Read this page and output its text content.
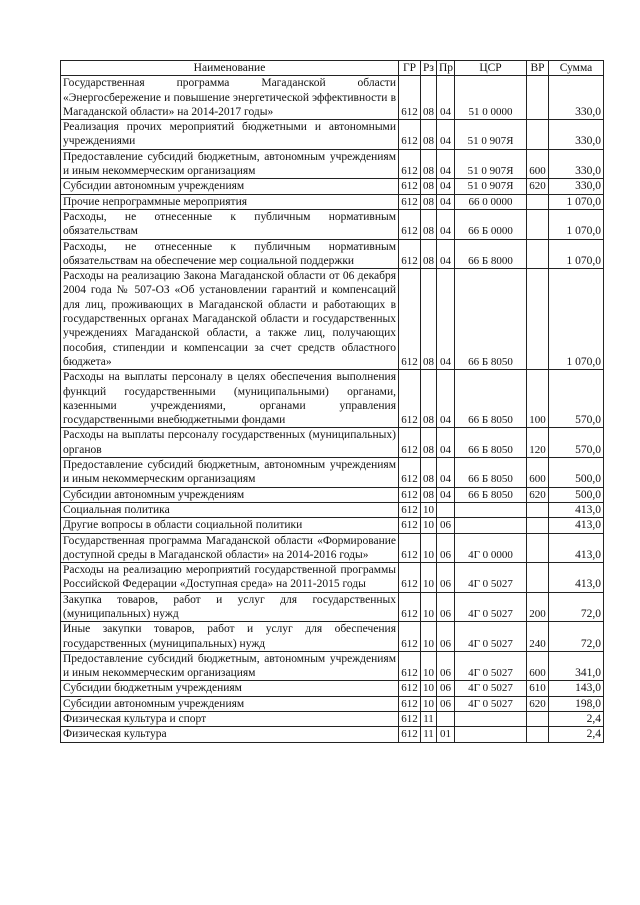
Наименование	ГР	Рз	Пр	ЦСР	ВР	Сумма
Государственная программа Магаданской области «Энергосбережение и повышение энергетической эффективности в Магаданской области» на 2014-2017 годы»	612	08	04	51 0 0000		330,0
Реализация прочих мероприятий бюджетными и автономными учреждениями	612	08	04	51 0 907Я		330,0
Предоставление субсидий бюджетным, автономным учреждениям и иным некоммерческим организациям	612	08	04	51 0 907Я	600	330,0
Субсидии автономным учреждениям	612	08	04	51 0 907Я	620	330,0
Прочие непрограммные мероприятия	612	08	04	66 0 0000		1 070,0
Расходы, не отнесенные к публичным нормативным обязательствам	612	08	04	66 Б 0000		1 070,0
Расходы, не отнесенные к публичным нормативным обязательствам на обеспечение мер социальной поддержки	612	08	04	66 Б 8000		1 070,0
Расходы на реализацию Закона Магаданской области от 06 декабря 2004 года № 507-ОЗ «Об установлении гарантий и компенсаций для лиц, проживающих в Магаданской области и работающих в государственных органах Магаданской области и государственных учреждениях Магаданской области, а также лиц, получающих пособия, стипендии и компенсации за счет средств областного бюджета»	612	08	04	66 Б 8050		1 070,0
Расходы на выплаты персоналу в целях обеспечения выполнения функций государственными (муниципальными) органами, казенными учреждениями, органами управления государственными внебюджетными фондами	612	08	04	66 Б 8050	100	570,0
Расходы на выплаты персоналу государственных (муниципальных) органов	612	08	04	66 Б 8050	120	570,0
Предоставление субсидий бюджетным, автономным учреждениям и иным некоммерческим организациям	612	08	04	66 Б 8050	600	500,0
Субсидии автономным учреждениям	612	08	04	66 Б 8050	620	500,0
Социальная политика	612	10				413,0
Другие вопросы в области социальной политики	612	10	06			413,0
Государственная программа Магаданской области «Формирование доступной среды в Магаданской области» на 2014-2016 годы»	612	10	06	4Г 0 0000		413,0
Расходы на реализацию мероприятий государственной программы Российской Федерации «Доступная среда» на 2011-2015 годы	612	10	06	4Г 0 5027		413,0
Закупка товаров, работ и услуг для государственных (муниципальных) нужд	612	10	06	4Г 0 5027	200	72,0
Иные закупки товаров, работ и услуг для обеспечения государственных (муниципальных) нужд	612	10	06	4Г 0 5027	240	72,0
Предоставление субсидий бюджетным, автономным учреждениям и иным некоммерческим организациям	612	10	06	4Г 0 5027	600	341,0
Субсидии бюджетным учреждениям	612	10	06	4Г 0 5027	610	143,0
Субсидии автономным учреждениям	612	10	06	4Г 0 5027	620	198,0
Физическая культура и спорт	612	11				2,4
Физическая культура	612	11	01			2,4
